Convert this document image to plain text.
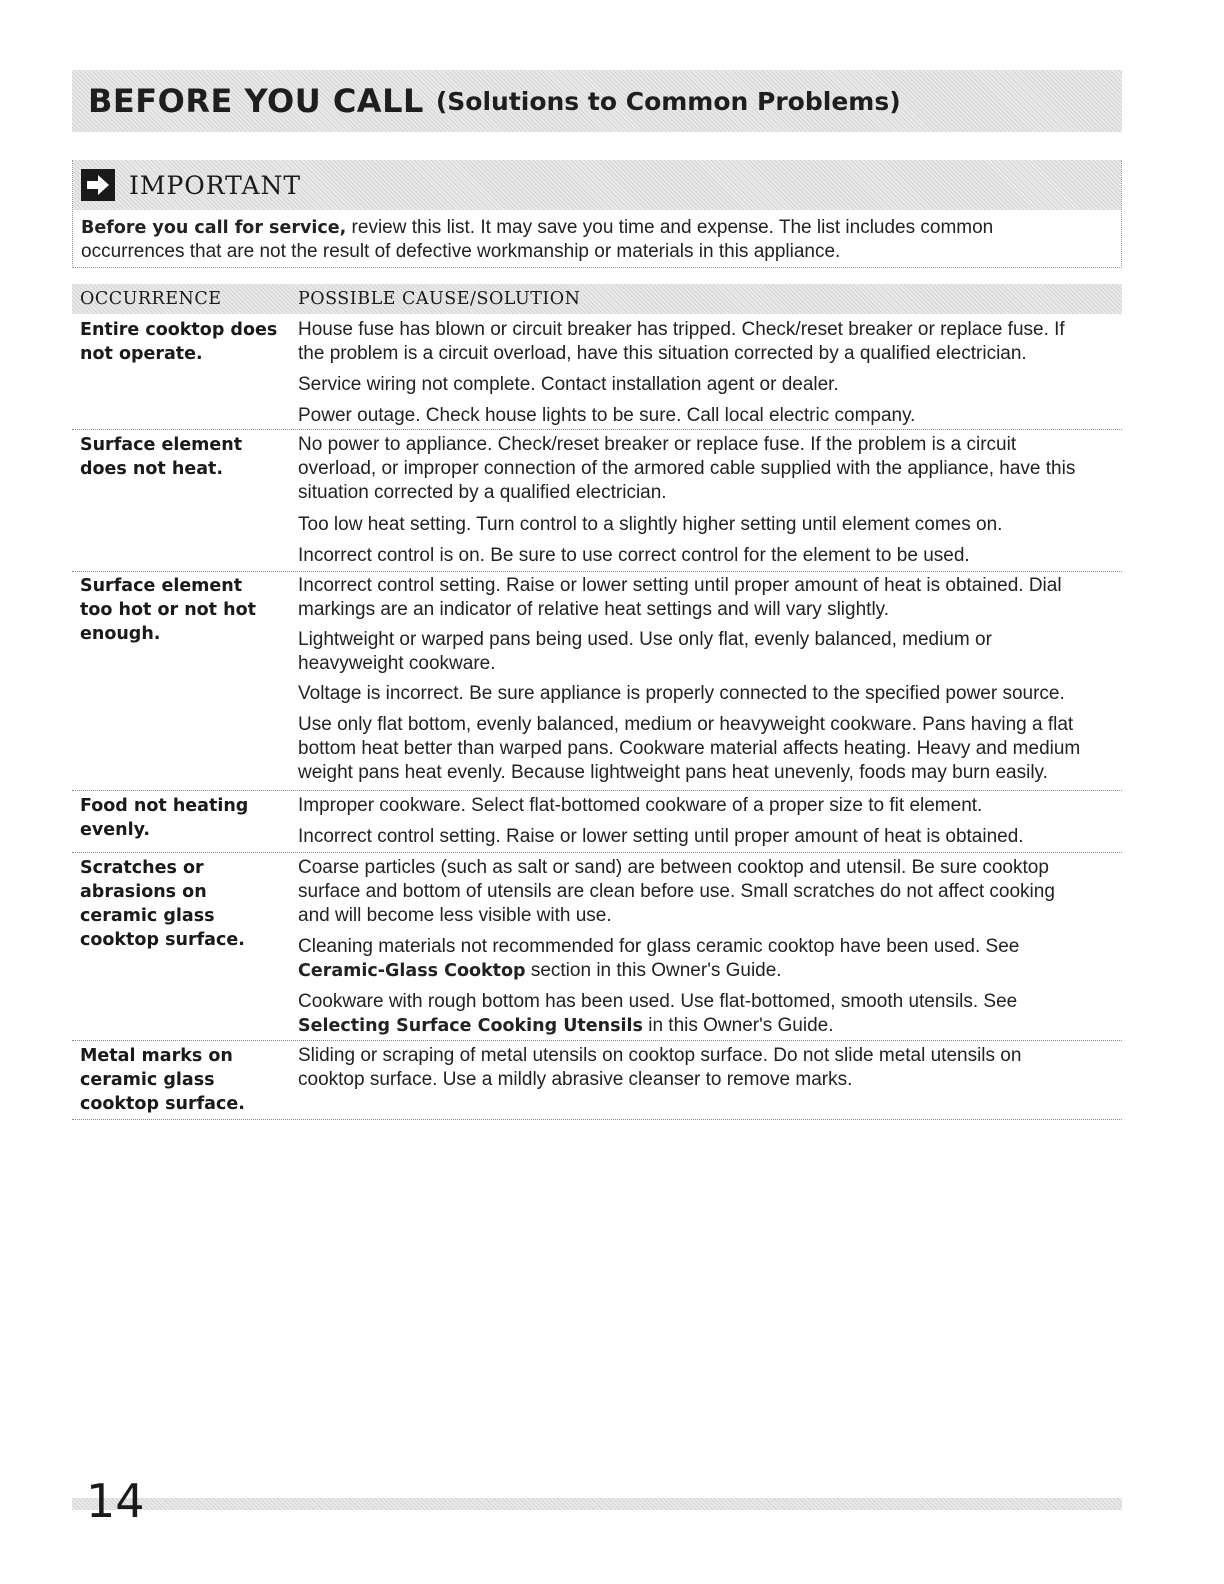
BEFORE YOU CALL (Solutions to Common Problems)
IMPORTANT
Before you call for service, review this list. It may save you time and expense. The list includes common
occurrences that are not the result of defective workmanship or materials in this appliance.
OCCURRENCE	POSSIBLE CAUSE/SOLUTION
Entire cooktop does
not operate.
House fuse has blown or circuit breaker has tripped. Check/reset breaker or replace fuse. If
the problem is a circuit overload, have this situation corrected by a qualified electrician.
Service wiring not complete. Contact installation agent or dealer.
Power outage. Check house lights to be sure. Call local electric company.
Surface element
does not heat.
No power to appliance. Check/reset breaker or replace fuse. If the problem is a circuit
overload, or improper connection of the armored cable supplied with the appliance, have this
situation corrected by a qualified electrician.
Too low heat setting. Turn control to a slightly higher setting until element comes on.
Incorrect control is on. Be sure to use correct control for the element to be used.
Surface element
too hot or not hot
enough.
Incorrect control setting. Raise or lower setting until proper amount of heat is obtained. Dial
markings are an indicator of relative heat settings and will vary slightly.
Lightweight or warped pans being used. Use only flat, evenly balanced, medium or
heavyweight cookware.
Voltage is incorrect. Be sure appliance is properly connected to the specified power source.
Use only flat bottom, evenly balanced, medium or heavyweight cookware. Pans having a flat
bottom heat better than warped pans. Cookware material affects heating. Heavy and medium
weight pans heat evenly. Because lightweight pans heat unevenly, foods may burn easily.
Food not heating
evenly.
Improper cookware. Select flat-bottomed cookware of a proper size to fit element.
Incorrect control setting. Raise or lower setting until proper amount of heat is obtained.
Scratches or
abrasions on
ceramic glass
cooktop surface.
Coarse particles (such as salt or sand) are between cooktop and utensil. Be sure cooktop
surface and bottom of utensils are clean before use. Small scratches do not affect cooking
and will become less visible with use.
Cleaning materials not recommended for glass ceramic cooktop have been used. See
Ceramic-Glass Cooktop section in this Owner's Guide.
Cookware with rough bottom has been used. Use flat-bottomed, smooth utensils. See
Selecting Surface Cooking Utensils in this Owner's Guide.
Metal marks on
ceramic glass
cooktop surface.
Sliding or scraping of metal utensils on cooktop surface. Do not slide metal utensils on
cooktop surface. Use a mildly abrasive cleanser to remove marks.
14
